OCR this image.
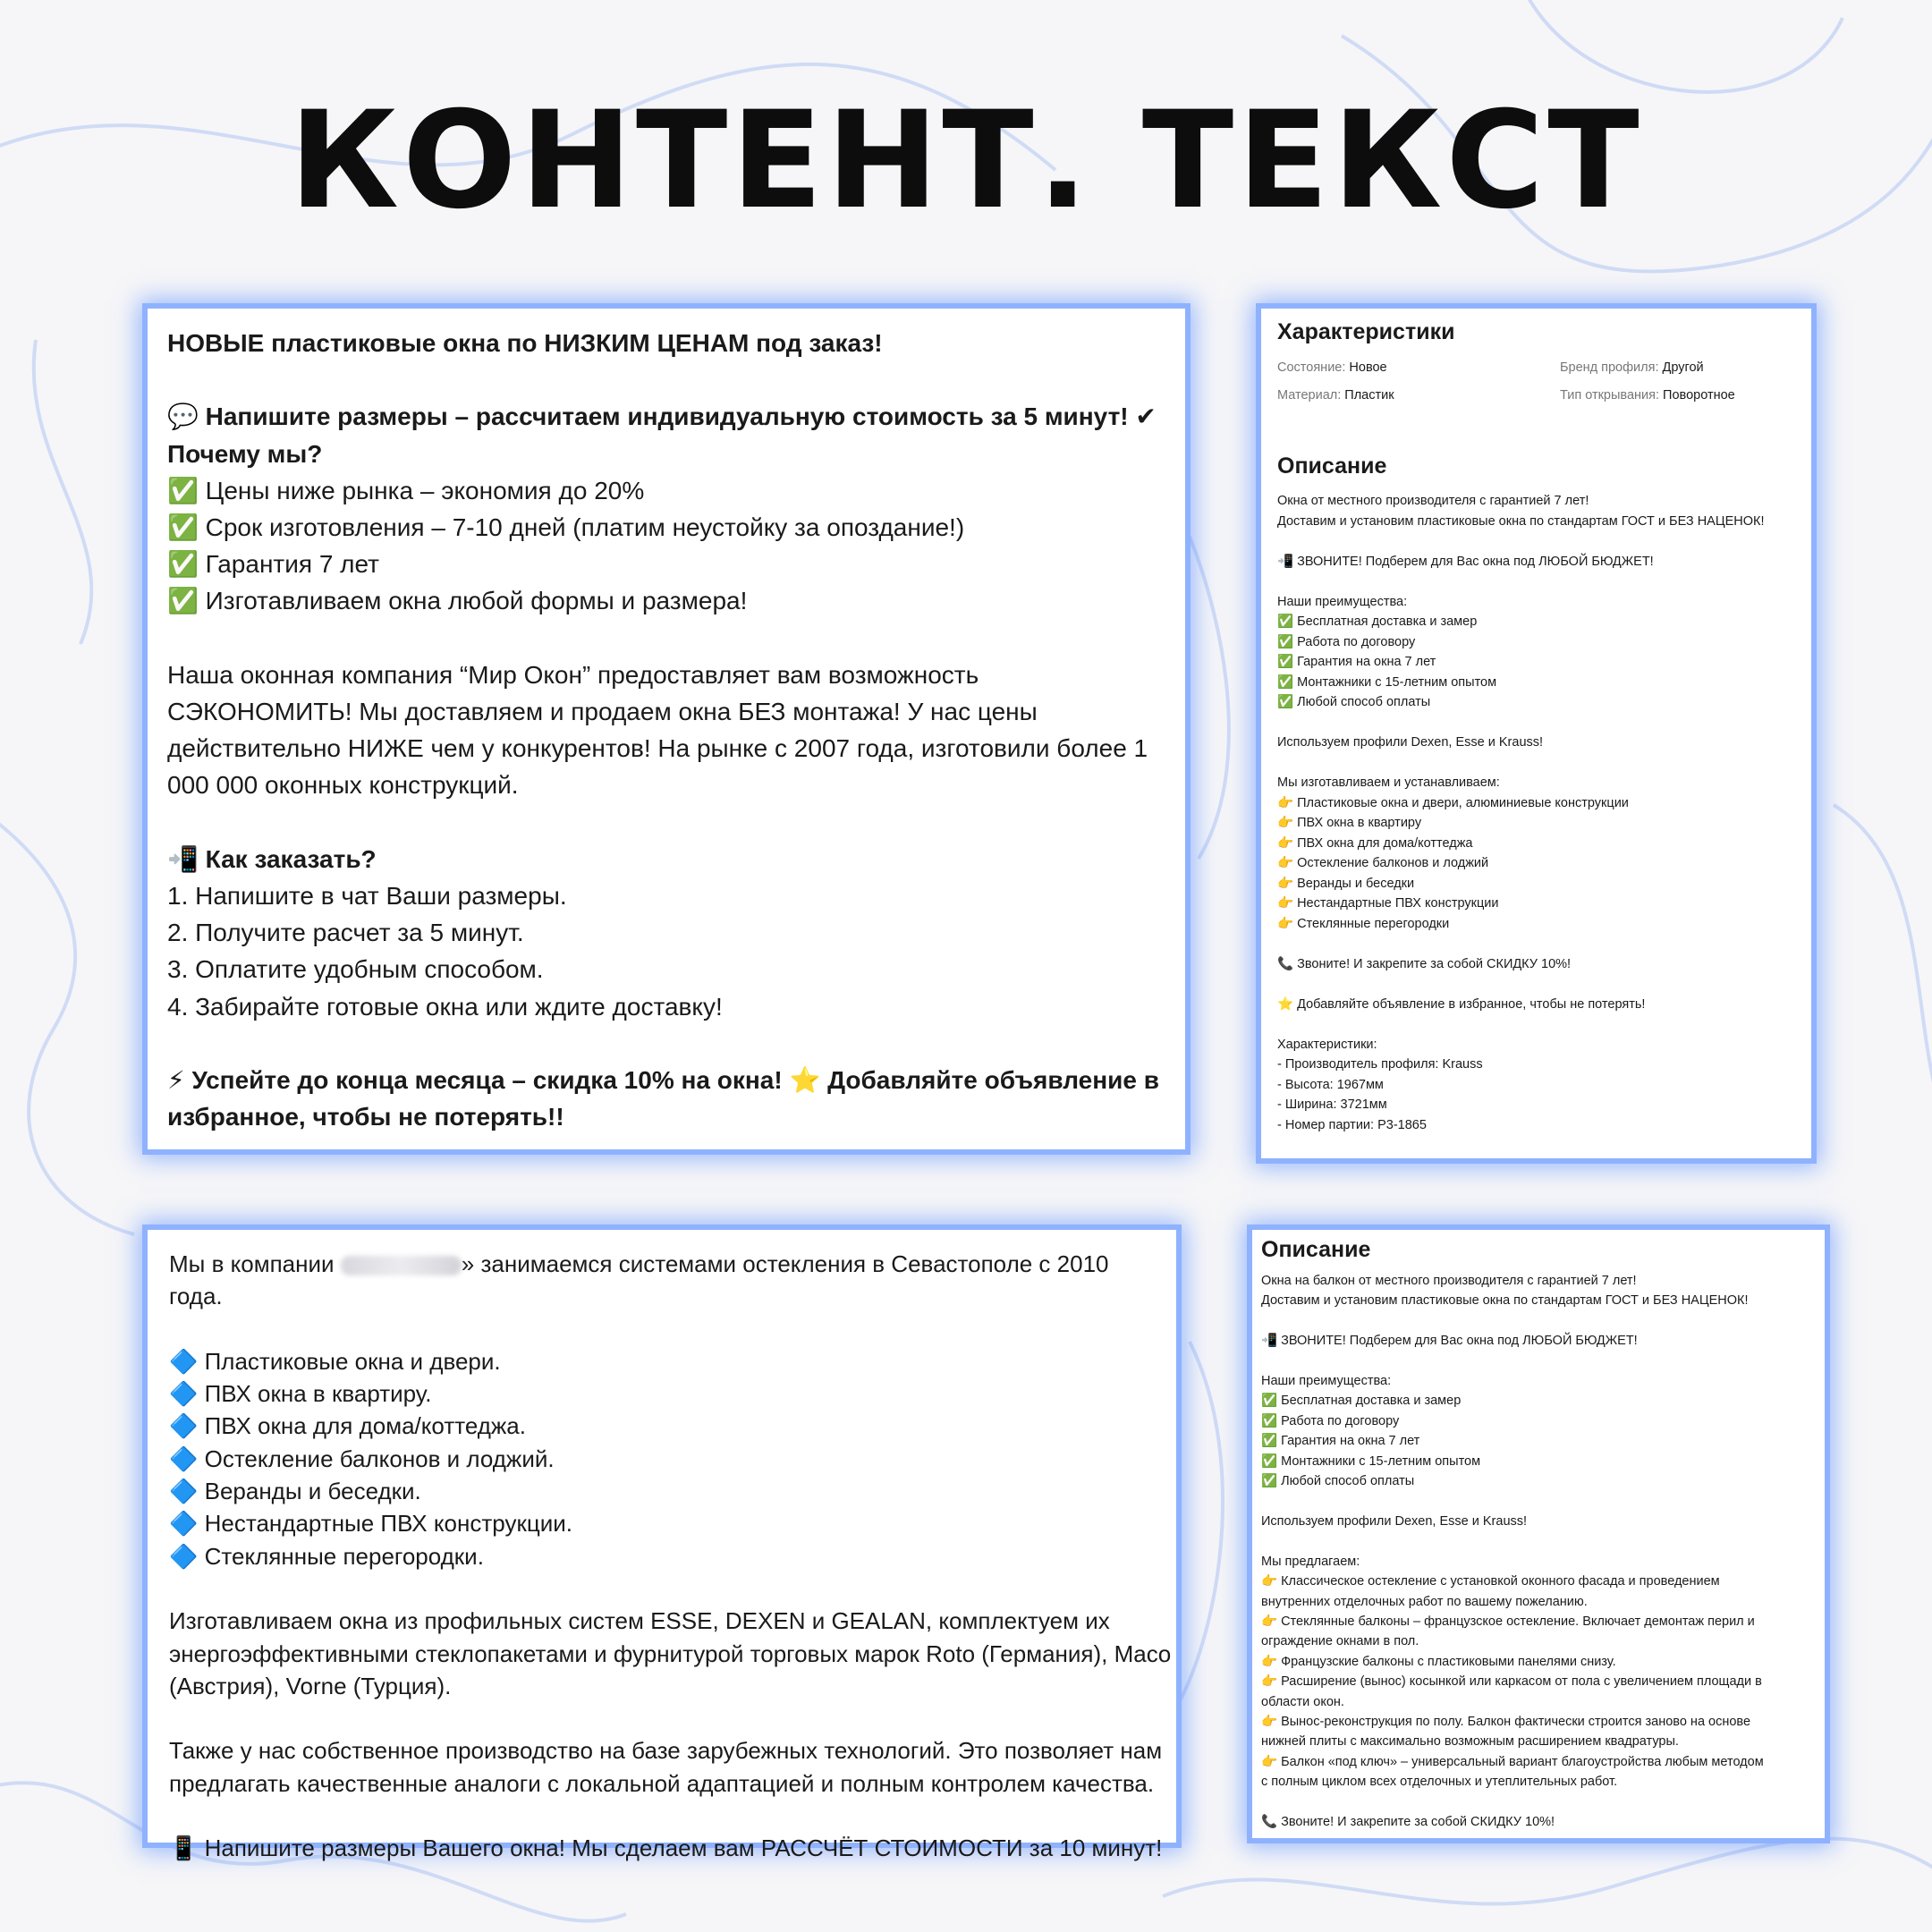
КОНТЕНТ. ТЕКСТ
НОВЫЕ пластиковые окна по НИЗКИМ ЦЕНАМ под заказ!

💬 Напишите размеры – рассчитаем индивидуальную стоимость за 5 минут! ✔
Почему мы?
✅ Цены ниже рынка – экономия до 20%
✅ Срок изготовления – 7-10 дней (платим неустойку за опоздание!)
✅ Гарантия 7 лет
✅ Изготавливаем окна любой формы и размера!

Наша оконная компания “Мир Окон” предоставляет вам возможность
СЭКОНОМИТЬ! Мы доставляем и продаем окна БЕЗ монтажа! У нас цены
действительно НИЖЕ чем у конкурентов! На рынке с 2007 года, изготовили более 1
000 000 оконных конструкций.

📲 Как заказать?
1. Напишите в чат Ваши размеры.
2. Получите расчет за 5 минут.
3. Оплатите удобным способом.
4. Забирайте готовые окна или ждите доставку!

⚡ Успейте до конца месяца – скидка 10% на окна! ⭐ Добавляйте объявление в
избранное, чтобы не потерять!!
Характеристики
Состояние: Новое	Бренд профиля: Другой
Материал: Пластик	Тип открывания: Поворотное
Описание
Окна от местного производителя с гарантией 7 лет!
Доставим и установим пластиковые окна по стандартам ГОСТ и БЕЗ НАЦЕНОК!

📲 ЗВОНИТЕ! Подберем для Вас окна под ЛЮБОЙ БЮДЖЕТ!

Наши преимущества:
✅ Бесплатная доставка и замер
✅ Работа по договору
✅ Гарантия на окна 7 лет
✅ Монтажники с 15-летним опытом
✅ Любой способ оплаты

Используем профили Dexen, Esse и Krauss!

Мы изготавливаем и устанавливаем:
👉 Пластиковые окна и двери, алюминиевые конструкции
👉 ПВХ окна в квартиру
👉 ПВХ окна для дома/коттеджа
👉 Остекление балконов и лоджий
👉 Веранды и беседки
👉 Нестандартные ПВХ конструкции
👉 Стеклянные перегородки

📞 Звоните! И закрепите за собой СКИДКУ 10%!

⭐ Добавляйте объявление в избранное, чтобы не потерять!

Характеристики:
- Производитель профиля: Krauss
- Высота: 1967мм
- Ширина: 3721мм
- Номер партии: Р3-1865
Мы в компании	» занимаемся системами остекления в Севастополе с 2010 года.

🔷 Пластиковые окна и двери.
🔷 ПВХ окна в квартиру.
🔷 ПВХ окна для дома/коттеджа.
🔷 Остекление балконов и лоджий.
🔷 Веранды и беседки.
🔷 Нестандартные ПВХ конструкции.
🔷 Стеклянные перегородки.

Изготавливаем окна из профильных систем ESSE, DEXEN и GEALAN, комплектуем их
энергоэффективными стеклопакетами и фурнитурой торговых марок Roto (Германия), Maco
(Австрия), Vorne (Турция).

Также у нас собственное производство на базе зарубежных технологий. Это позволяет нам
предлагать качественные аналоги с локальной адаптацией и полным контролем качества.

📱 Напишите размеры Вашего окна! Мы сделаем вам РАССЧЁТ СТОИМОСТИ за 10 минут!
Описание
Окна на балкон от местного производителя с гарантией 7 лет!
Доставим и установим пластиковые окна по стандартам ГОСТ и БЕЗ НАЦЕНОК!

📲 ЗВОНИТЕ! Подберем для Вас окна под ЛЮБОЙ БЮДЖЕТ!

Наши преимущества:
✅ Бесплатная доставка и замер
✅ Работа по договору
✅ Гарантия на окна 7 лет
✅ Монтажники с 15-летним опытом
✅ Любой способ оплаты

Используем профили Dexen, Esse и Krauss!

Мы предлагаем:
👉 Классическое остекление с установкой оконного фасада и проведением
внутренних отделочных работ по вашему пожеланию.
👉 Стеклянные балконы – французское остекление. Включает демонтаж перил и
ограждение окнами в пол.
👉 Французские балконы с пластиковыми панелями снизу.
👉 Расширение (вынос) косынкой или каркасом от пола с увеличением площади в
области окон.
👉 Вынос-реконструкция по полу. Балкон фактически строится заново на основе
нижней плиты с максимально возможным расширением квадратуры.
👉 Балкон «под ключ» – универсальный вариант благоустройства любым методом
с полным циклом всех отделочных и утеплительных работ.

📞 Звоните! И закрепите за собой СКИДКУ 10%!
